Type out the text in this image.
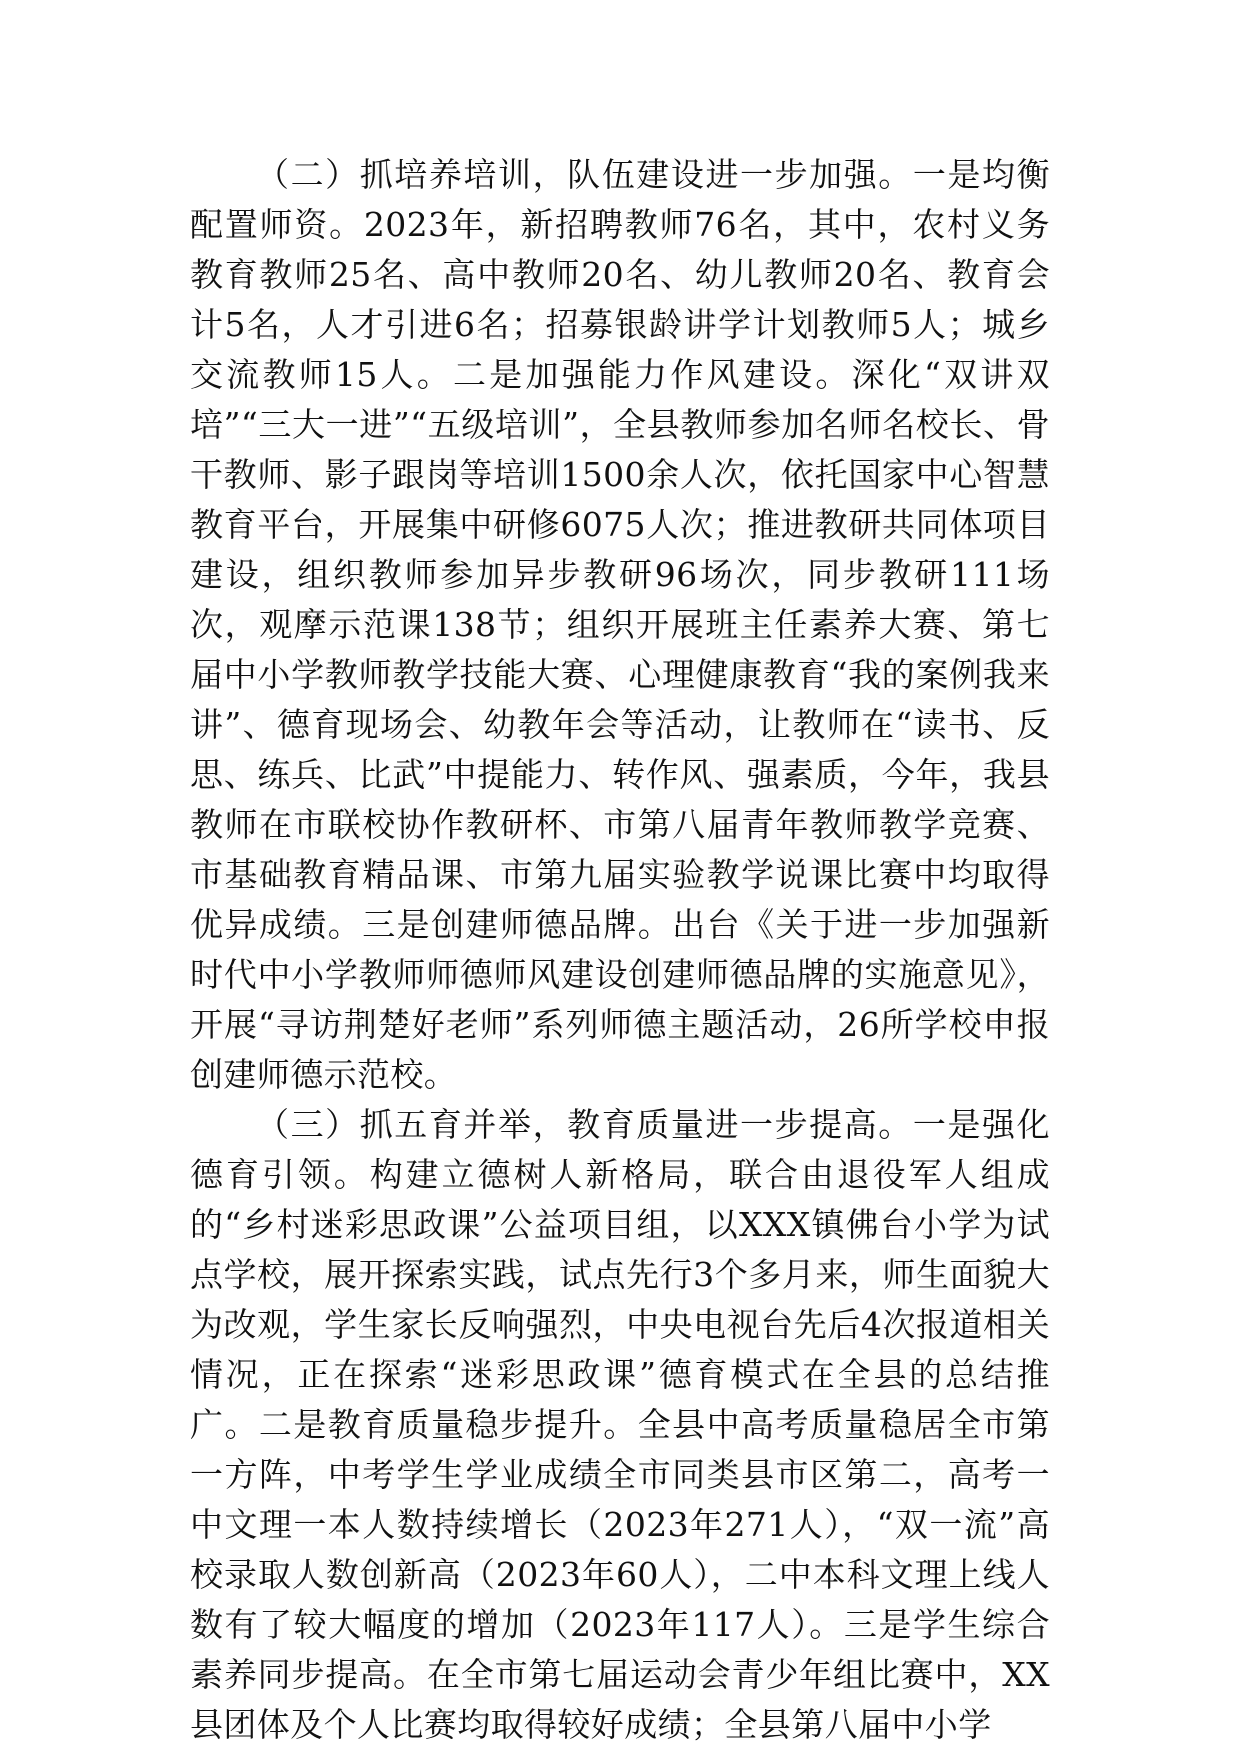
（二）抓培养培训，队伍建设进一步加强。一是均衡配置师资。2023年，新招聘教师76名，其中，农村义务教育教师25名、高中教师20名、幼儿教师20名、教育会计5名，人才引进6名；招募银龄讲学计划教师5人；城乡交流教师15人。二是加强能力作风建设。深化“双讲双培”“三大一进”“五级培训”，全县教师参加名师名校长、骨干教师、影子跟岗等培训1500余人次，依托国家中心智慧教育平台，开展集中研修6075人次；推进教研共同体项目建设，组织教师参加异步教研96场次，同步教研111场次，观摩示范课138节；组织开展班主任素养大赛、第七届中小学教师教学技能大赛、心理健康教育“我的案例我来讲”、德育现场会、幼教年会等活动，让教师在“读书、反思、练兵、比武”中提能力、转作风、强素质，今年，我县教师在市联校协作教研杯、市第八届青年教师教学竞赛、市基础教育精品课、市第九届实验教学说课比赛中均取得优异成绩。三是创建师德品牌。出台《关于进一步加强新时代中小学教师师德师风建设创建师德品牌的实施意见》，开展“寻访荆楚好老师”系列师德主题活动，26所学校申报创建师德示范校。

（三）抓五育并举，教育质量进一步提高。一是强化德育引领。构建立德树人新格局，联合由退役军人组成的“乡村迷彩思政课”公益项目组，以XXX镇佛台小学为试点学校，展开探索实践，试点先行3个多月来，师生面貌大为改观，学生家长反响强烈，中央电视台先后4次报道相关情况，正在探索“迷彩思政课”德育模式在全县的总结推广。二是教育质量稳步提升。全县中高考质量稳居全市第一方阵，中考学生学业成绩全市同类县市区第二，高考一中文理一本人数持续增长（2023年271人），“双一流”高校录取人数创新高（2023年60人），二中本科文理上线人数有了较大幅度的增加（2023年117人）。三是学生综合素养同步提高。在全市第七届运动会青少年组比赛中，XX县团体及个人比赛均取得较好成绩；全县第八届中小学
